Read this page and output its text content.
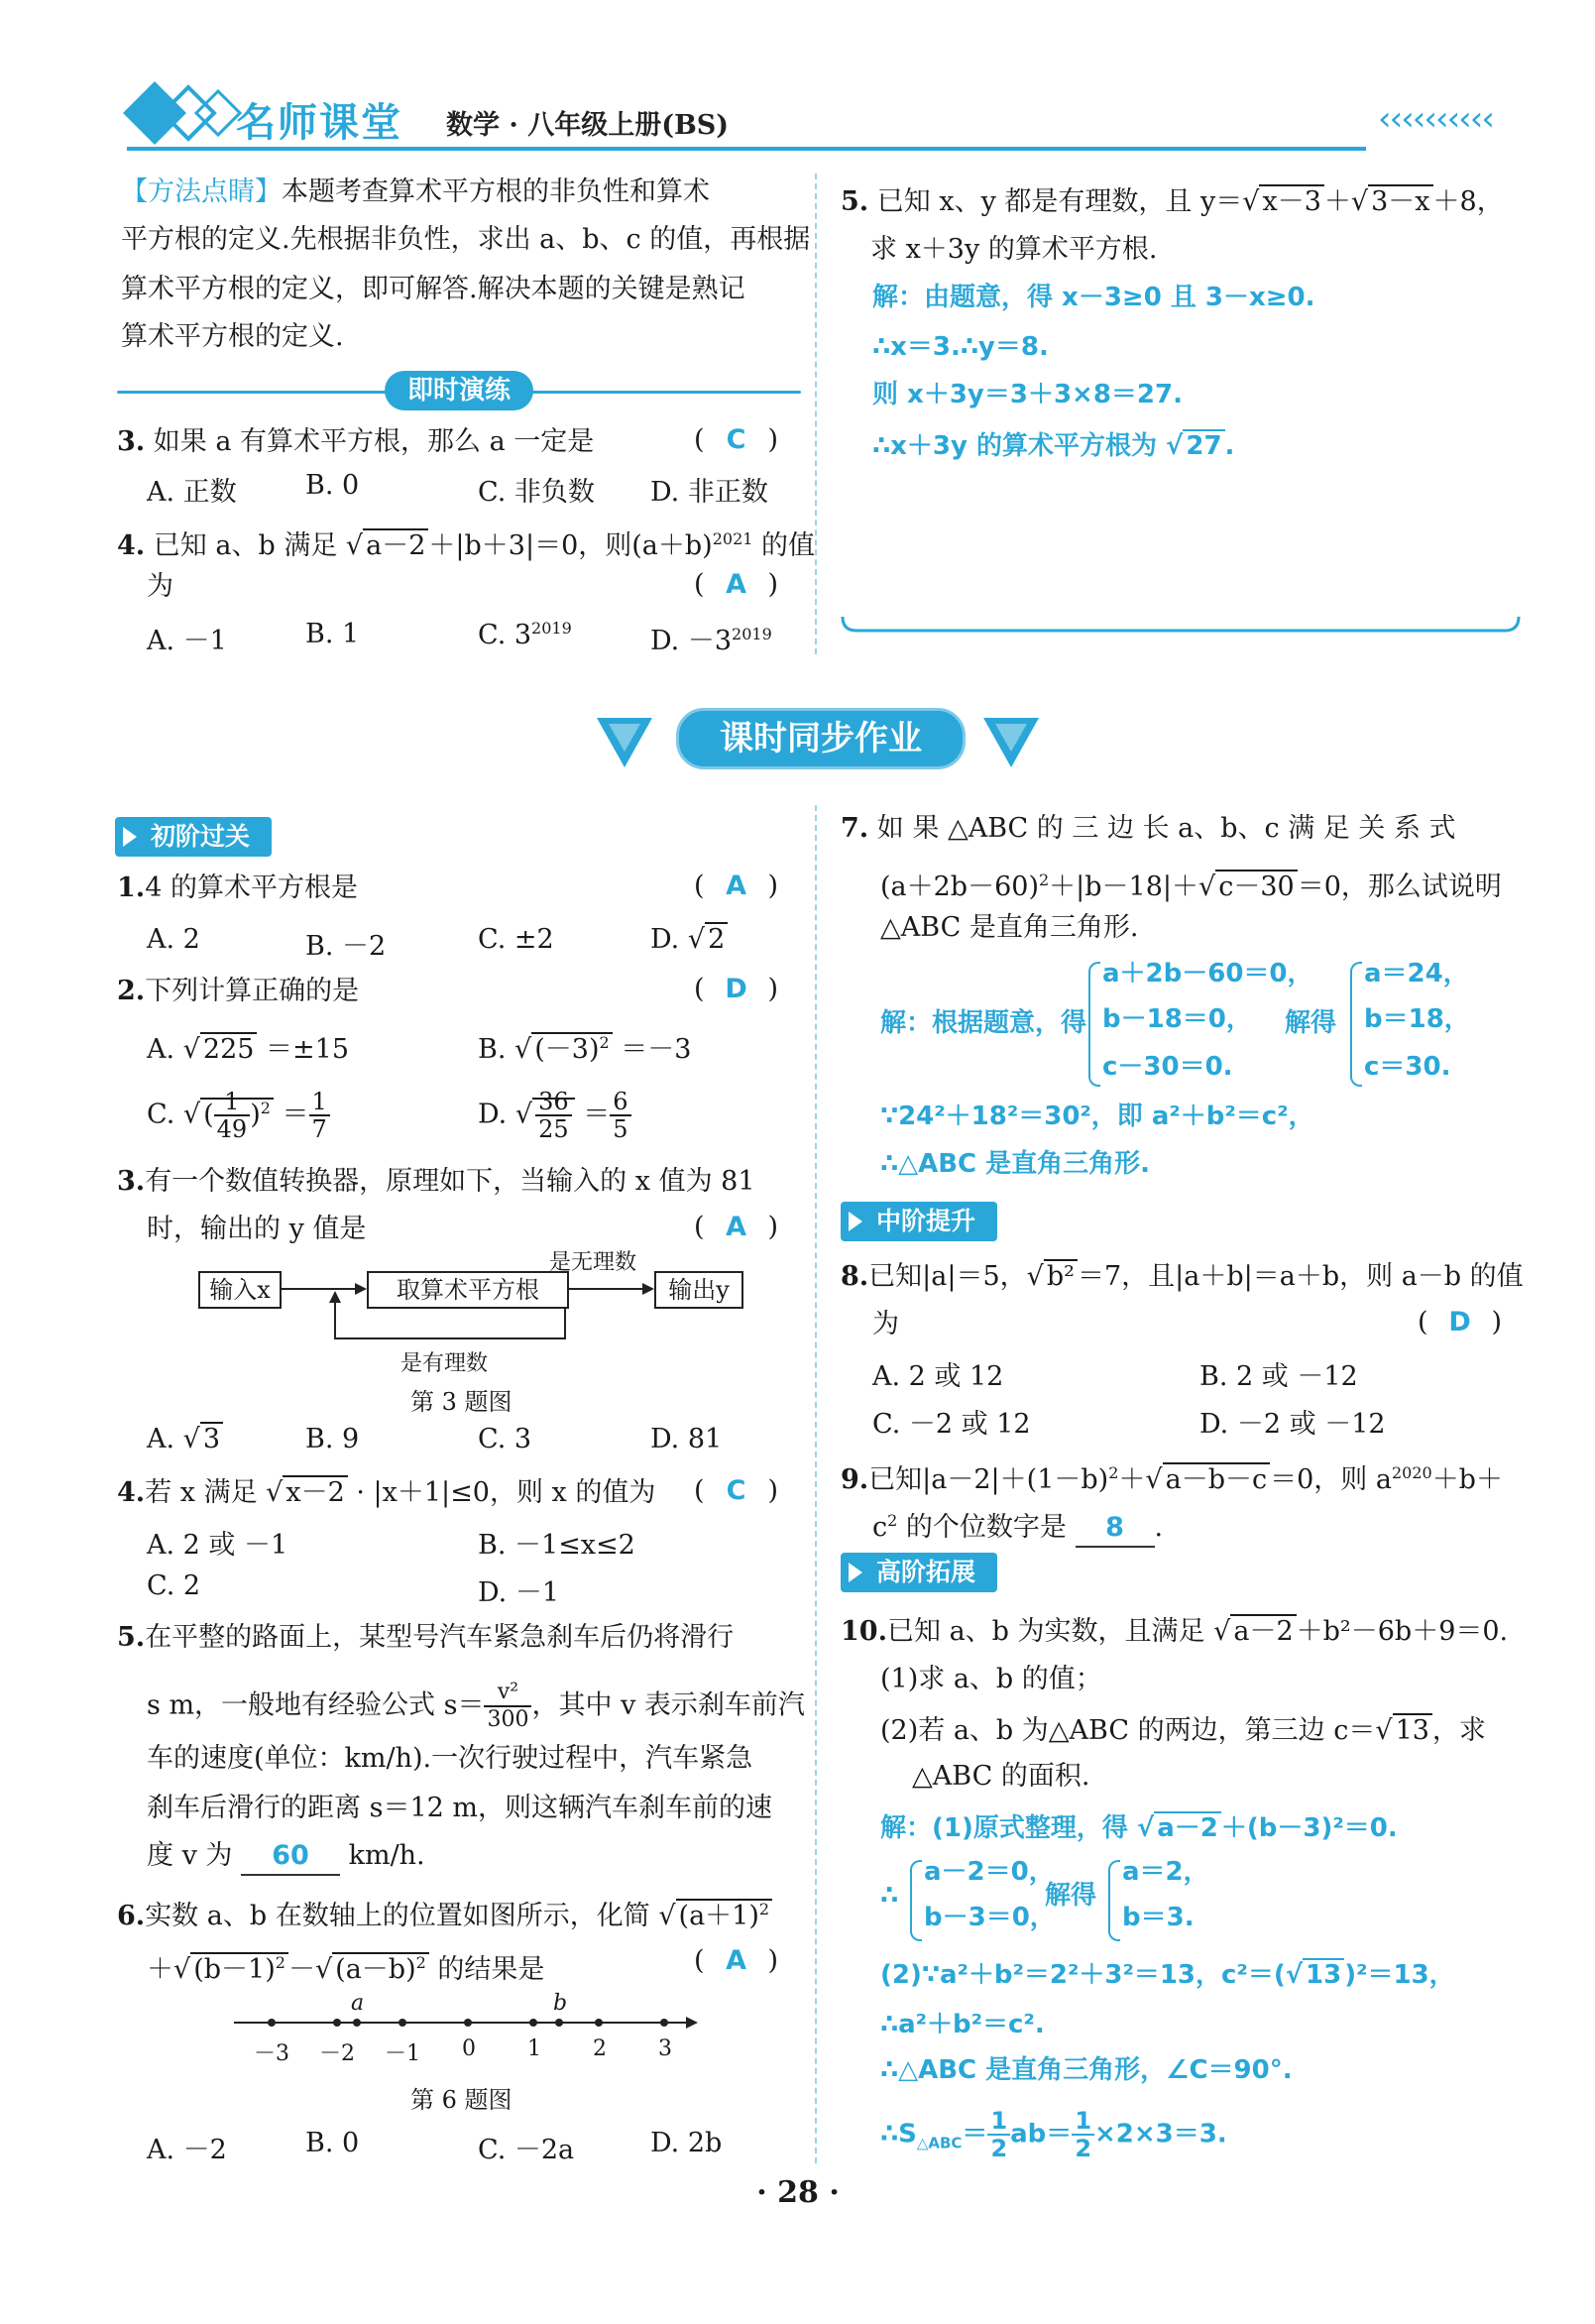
名师课堂 数学 · 八年级上册(BS)	‹‹‹‹‹‹‹‹‹‹
【方法点睛】本题考查算术平方根的非负性和算术
平方根的定义.先根据非负性，求出 a、b、c 的值，再根据
算术平方根的定义，即可解答.解决本题的关键是熟记
算术平方根的定义.
即时演练
3. 如果 a 有算术平方根，那么 a 一定是	( C )
A. 正数	B. 0	C. 非负数 D. 非正数
4. 已知 a、b 满足 √ a－2 ＋|b＋3|＝0，则$(a+b)^{2021}$ 的值
为	( A )
A. －1	B. 1	C. $3^{2019}$	D. $-3^{2019}$
5. 已知 x、y 都是有理数，且 y＝√ x－3 ＋√ 3－x ＋8，
求 x＋3y 的算术平方根.
解：由题意，得 x－3≥0 且 3－x≥0.
∴x＝3.∴y＝8.
则 x＋3y＝3＋3×8＝27.
∴x＋3y 的算术平方根为 √ 27 .
课时同步作业
初阶过关
1.4 的算术平方根是	( A )
A. 2	B. －2	C. ±2	D. √ 2
2.下列计算正确的是	( D )
A. √ 225 ＝±15	B. √ $(-3)^2 =-3$
C. √ ( $\frac{1}{49} )^2 = \frac{1}{7}$	D. √ $\frac{36}{25} = \frac{6}{5}$
3.有一个数值转换器，原理如下，当输入的 x 值为 81
时，输出的 y 值是	( A )
输入x	取算术平方根	输出y
是无理数
是有理数
第 3 题图
A. √ 3	B. 9	C. 3	D. 81
4.若 x 满足 √ x－2 · |x＋1|≤0，则 x 的值为 ( C )
A. 2 或 －1	B. －1≤x≤2
C. 2	D. －1
5.在平整的路面上，某型号汽车紧急刹车后仍将滑行
s m，一般地有经验公式 $s= \frac{\text{v²}}{300}$ ，其中 v 表示刹车前汽
车的速度(单位：km/h).一次行驶过程中，汽车紧急
刹车后滑行的距离 s＝12 m，则这辆汽车刹车前的速
度 v 为 60 km/h.
6.实数 a、b 在数轴上的位置如图所示，化简 √ $(a+1)^2$
＋√ $(b-1)^2$ －√ $(a-b)^2$ 的结果是	( A )
－3 －2 －1 0 1 2 3
a	b
第 6 题图
A. －2	B. 0	C. －2a	D. 2b
7. 如 果 △ABC 的 三 边 长 a、b、c 满 足 关 系 式
$(a+2b-60)^2+|b-18|+√$ c－30 ＝0，那么试说明
△ABC 是直角三角形.
解：根据题意，得
a＋2b－60＝0，
b－18＝0，
c－30＝0.
解得
a＝24，
b＝18，
c＝30.
∵24²＋18²＝30²，即 a²＋b²＝c²，
∴△ABC 是直角三角形.
中阶提升
8.已知|a|＝5，√ b² ＝7，且|a＋b|＝a＋b，则 a－b 的值
为	( D )
A. 2 或 12	B. 2 或 －12
C. －2 或 12	D. －2 或 －12
9.已知$|a-2|+(1-b)^2+√$ a－b－c ＝0，则 $a^{2020}+b+$
$c^2$ 的个位数字是 8 .
高阶拓展
10.已知 a、b 为实数，且满足 √ a－2 ＋b²－6b＋9＝0.
(1)求 a、b 的值；
(2)若 a、b 为△ABC 的两边，第三边 c＝√ 13 ，求
△ABC 的面积.
解：(1)原式整理，得 √ a－2 ＋(b－3)²＝0.
∴
a－2＝0，
b－3＝0，
解得
a＝2，
b＝3.
(2)∵a²＋b²＝2²＋3²＝13，c²＝(√ 13 )²＝13，
∴a²＋b²＝c².
∴△ABC 是直角三角形，∠C＝90°.
$\therefore S_{\triangle ABC}= \frac{1}{2} ab= \frac{1}{2} \times 2\times 3=3$.
· 28 ·
